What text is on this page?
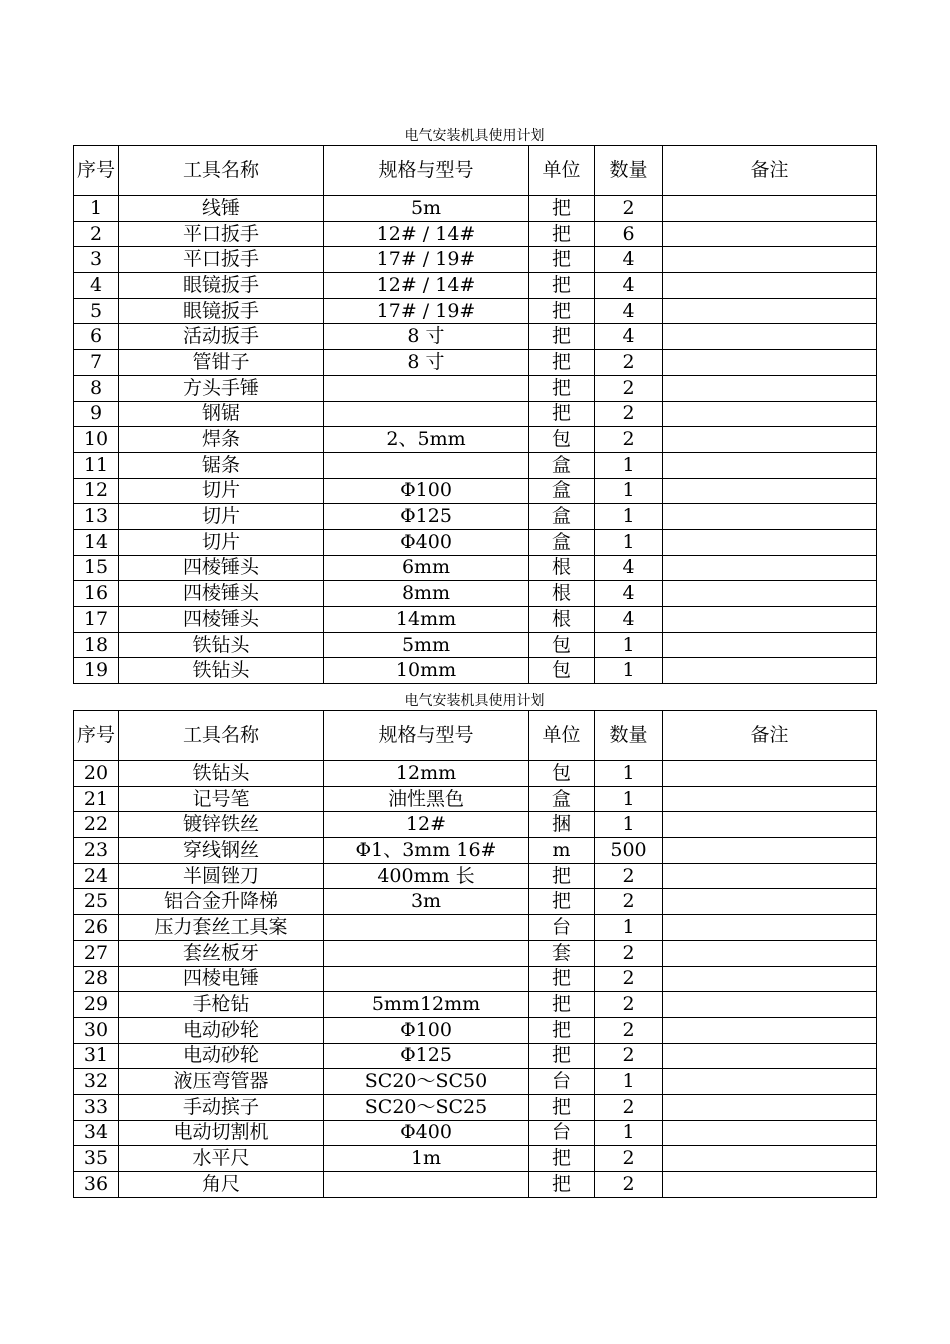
电气安装机具使用计划
序号	工具名称	规格与型号	单位	数量	备注
1	线锤	5m	把	2	
2	平口扳手	12# / 14#	把	6	
3	平口扳手	17# / 19#	把	4	
4	眼镜扳手	12# / 14#	把	4	
5	眼镜扳手	17# / 19#	把	4	
6	活动扳手	8 寸	把	4	
7	管钳子	8 寸	把	2	
8	方头手锤		把	2	
9	钢锯		把	2	
10	焊条	2、5mm	包	2	
11	锯条		盒	1	
12	切片	Φ100	盒	1	
13	切片	Φ125	盒	1	
14	切片	Φ400	盒	1	
15	四棱锤头	6mm	根	4	
16	四棱锤头	8mm	根	4	
17	四棱锤头	14mm	根	4	
18	铁钻头	5mm	包	1	
19	铁钻头	10mm	包	1	
电气安装机具使用计划
序号	工具名称	规格与型号	单位	数量	备注
20	铁钻头	12mm	包	1	
21	记号笔	油性黑色	盒	1	
22	镀锌铁丝	12#	捆	1	
23	穿线钢丝	Φ1、3mm 16#	m	500	
24	半圆锉刀	400mm 长	把	2	
25	铝合金升降梯	3m	把	2	
26	压力套丝工具案		台	1	
27	套丝板牙		套	2	
28	四棱电锤		把	2	
29	手枪钻	5mm12mm	把	2	
30	电动砂轮	Φ100	把	2	
31	电动砂轮	Φ125	把	2	
32	液压弯管器	SC20～SC50	台	1	
33	手动摈子	SC20～SC25	把	2	
34	电动切割机	Φ400	台	1	
35	水平尺	1m	把	2	
36	角尺		把	2	
